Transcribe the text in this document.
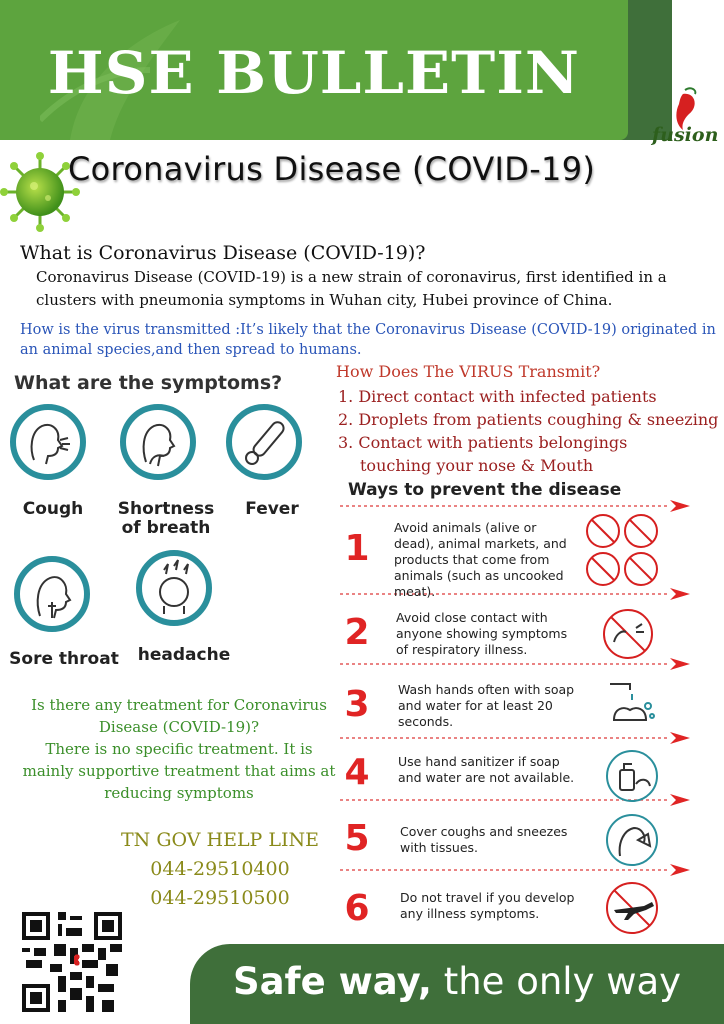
HSE BULLETIN
fusion
Coronavirus Disease (COVID-19)
What is Coronavirus Disease (COVID-19)?
Coronavirus Disease (COVID-19) is a new strain of coronavirus, first identified in a clusters with pneumonia symptoms in Wuhan city, Hubei province of China.
How is the virus transmitted :It’s likely that the Coronavirus Disease (COVID-19) originated in an animal species,and then spread to humans.
What are the symptoms?
Cough	Shortness of breath
Fever
Sore throat headache
How Does The VIRUS Transmit?
1. Direct contact with infected patients
2. Droplets from patients coughing & sneezing
3. Contact with patients belongings
touching your nose & Mouth
Ways to prevent the disease
1
Avoid animals (alive or dead), animal markets, and products that come from animals (such as uncooked meat).
2 Avoid close contact with anyone showing symptoms of respiratory illness.
3 Wash hands often with soap and water for at least 20 seconds.
4 Use hand sanitizer if soap and water are not available.
5 Cover coughs and sneezes with tissues.
6 Do not travel if you develop any illness symptoms.
Is there any treatment for Coronavirus Disease (COVID-19)?
There is no specific treatment. It is mainly supportive treatment that aims at reducing symptoms
TN GOV HELP LINE
044-29510400
044-29510500
Safe way, the only way
